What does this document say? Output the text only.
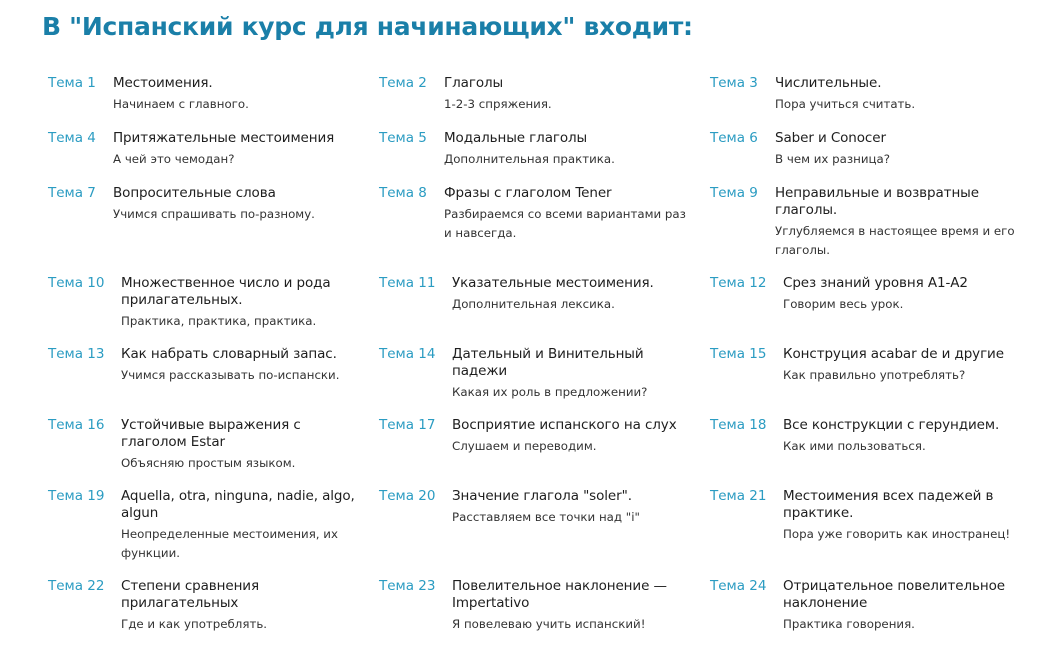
В "Испанский курс для начинающих" входит:
Тема 1 Местоимения.
Начинаем с главного.
Тема 2 Глаголы
1-2-3 спряжения.
Тема 3 Числительные.
Пора учиться считать.
Тема 4 Притяжательные местоимения
А чей это чемодан?
Тема 5 Модальные глаголы
Дополнительная практика.
Тема 6 Saber и Conocer
В чем их разница?
Тема 7 Вопросительные слова
Учимся спрашивать по-разному.
Тема 8 Фразы с глаголом Tener
Разбираемся со всеми вариантами раз и навсегда.
Тема 9 Неправильные и возвратные глаголы.
Углубляемся в настоящее время и его глаголы.
Тема 10 Множественное число и рода прилагательных.
Практика, практика, практика.
Тема 11 Указательные местоимения.
Дополнительная лексика.
Тема 12 Срез знаний уровня А1-А2
Говорим весь урок.
Тема 13 Как набрать словарный запас.
Учимся рассказывать по-испански.
Тема 14 Дательный и Винительный падежи
Какая их роль в предложении?
Тема 15 Конструция acabar de и другие
Как правильно употреблять?
Тема 16 Устойчивые выражения с глаголом Estar
Объясняю простым языком.
Тема 17 Восприятие испанского на слух
Слушаем и переводим.
Тема 18 Все конструкции с герундием.
Как ими пользоваться.
Тема 19 Aquella, otra, ninguna, nadie, algo, algun
Неопределенные местоимения, их функции.
Тема 20 Значение глагола "soler".
Расставляем все точки над "i"
Тема 21 Местоимения всех падежей в практике.
Пора уже говорить как иностранец!
Тема 22 Степени сравнения прилагательных
Где и как употреблять.
Тема 23 Повелительное наклонение — Impertativo
Я повелеваю учить испанский!
Тема 24 Отрицательное повелительное наклонение
Практика говорения.
